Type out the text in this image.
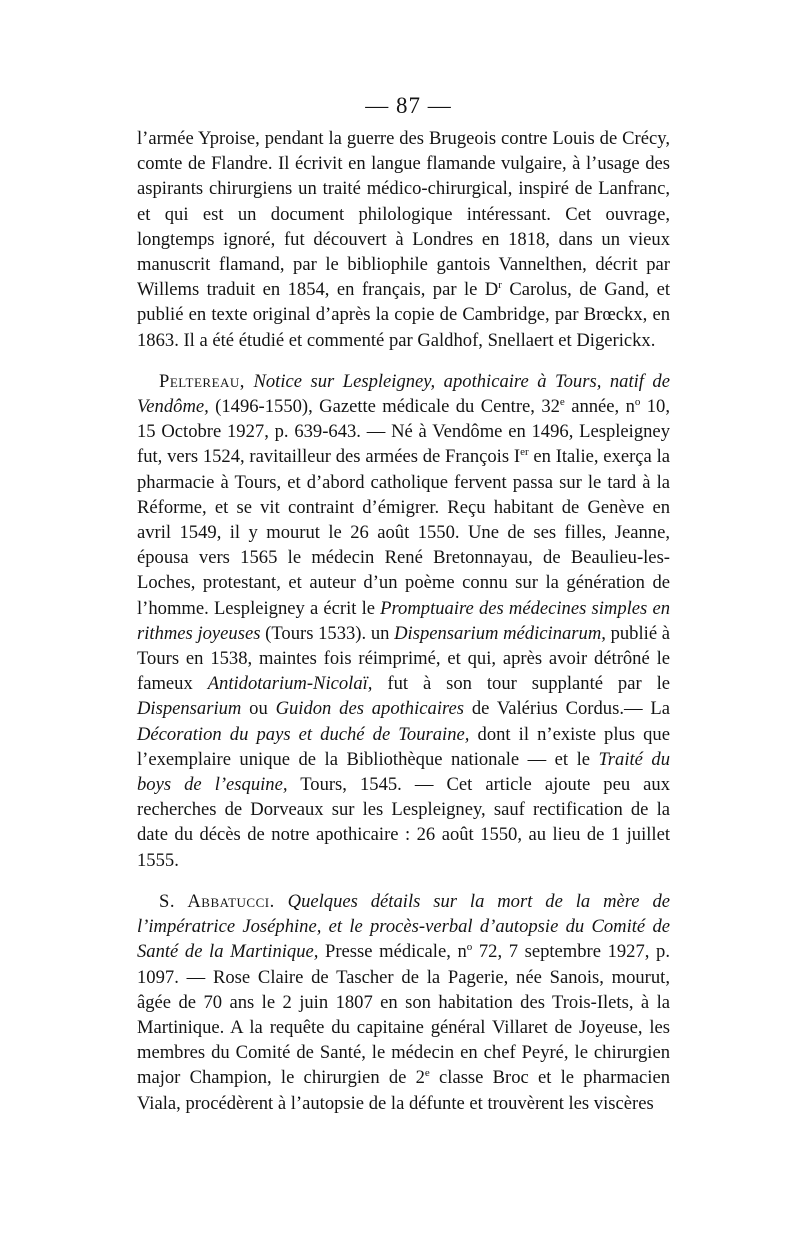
— 87 —

l’armée Yproise, pendant la guerre des Brugeois contre Louis de Crécy, comte de Flandre. Il écrivit en langue flamande vulgaire, à l’usage des aspirants chirurgiens un traité médico-chirurgical, inspiré de Lanfranc, et qui est un document philologique intéressant. Cet ouvrage, longtemps ignoré, fut découvert à Londres en 1818, dans un vieux manuscrit flamand, par le bibliophile gantois Vannelthen, décrit par Willems traduit en 1854, en français, par le $D^r$ Carolus, de Gand, et publié en texte original d’après la copie de Cambridge, par Brœckx, en 1863. Il a été étudié et commenté par Galdhof, Snellaert et Digerickx.

Peltereau, Notice sur Lespleigney, apothicaire à Tours, natif de Vendôme, (1496-1550), Gazette médicale du Centre, 32e année, $n^o$ 10, 15 Octobre 1927, p. 639-643. — Né à Vendôme en 1496, Lespleigney fut, vers 1524, ravitailleur des armées de François Ier en Italie, exerça la pharmacie à Tours, et d’abord catholique fervent passa sur le tard à la Réforme, et se vit contraint d’émigrer. Reçu habitant de Genève en avril 1549, il y mourut le 26 août 1550. Une de ses filles, Jeanne, épousa vers 1565 le médecin René Bretonnayau, de Beaulieu-les-Loches, protestant, et auteur d’un poème connu sur la génération de l’homme. Lespleigney a écrit le Promptuaire des médecines simples en rithmes joyeuses (Tours 1533). un Dispensarium médicinarum, publié à Tours en 1538, maintes fois réimprimé, et qui, après avoir détrôné le fameux Antidotarium-Nicolaï, fut à son tour supplanté par le Dispensarium ou Guidon des apothicaires de Valérius Cordus.— La Décoration du pays et duché de Touraine, dont il n’existe plus que l’exemplaire unique de la Bibliothèque nationale — et le Traité du boys de l’esquine, Tours, 1545. — Cet article ajoute peu aux recherches de Dorveaux sur les Lespleigney, sauf rectification de la date du décès de notre apothicaire : 26 août 1550, au lieu de 1 juillet 1555.

S. Abbatucci. Quelques détails sur la mort de la mère de l’impératrice Joséphine, et le procès-verbal d’autopsie du Comité de Santé de la Martinique, Presse médicale, $n^o$ 72, 7 septembre 1927, p. 1097. — Rose Claire de Tascher de la Pagerie, née Sanois, mourut, âgée de 70 ans le 2 juin 1807 en son habitation des Trois-Ilets, à la Martinique. A la requête du capitaine général Villaret de Joyeuse, les membres du Comité de Santé, le médecin en chef Peyré, le chirurgien major Champion, le chirurgien de 2e classe Broc et le pharmacien Viala, procédèrent à l’autopsie de la défunte et trouvèrent les viscères
